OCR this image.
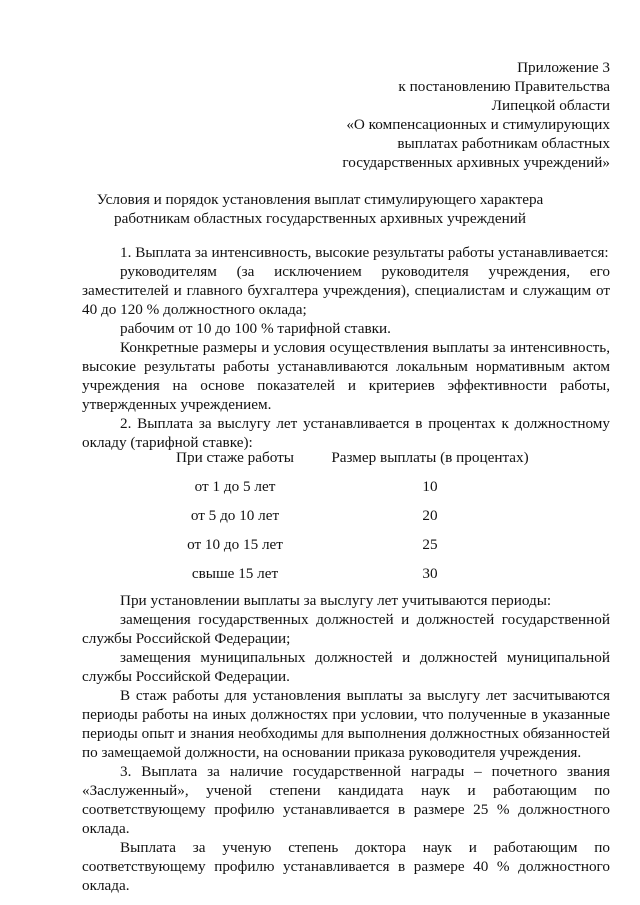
Приложение 3
к постановлению Правительства
Липецкой области
«О компенсационных и стимулирующих
выплатах работникам областных
государственных архивных учреждений»
Условия и порядок установления выплат стимулирующего характера
работникам областных государственных архивных учреждений

1. Выплата за интенсивность, высокие результаты работы устанавливается:

руководителям (за исключением руководителя учреждения, его заместителей и главного бухгалтера учреждения), специалистам и служащим от 40 до 120 % должностного оклада;

рабочим от 10 до 100 % тарифной ставки.

Конкретные размеры и условия осуществления выплаты за интенсивность, высокие результаты работы устанавливаются локальным нормативным актом учреждения на основе показателей и критериев эффективности работы, утвержденных учреждением.

2. Выплата за выслугу лет устанавливается в процентах к должностному окладу (тарифной ставке):

При стаже работы	Размер выплаты (в процентах)
от 1 до 5 лет	10
от 5 до 10 лет	20
от 10 до 15 лет	25
свыше 15 лет	30

При установлении выплаты за выслугу лет учитываются периоды:

замещения государственных должностей и должностей государственной службы Российской Федерации;

замещения муниципальных должностей и должностей муниципальной службы Российской Федерации.

В стаж работы для установления выплаты за выслугу лет засчитываются периоды работы на иных должностях при условии, что полученные в указанные периоды опыт и знания необходимы для выполнения должностных обязанностей по замещаемой должности, на основании приказа руководителя учреждения.

3. Выплата за наличие государственной награды – почетного звания «Заслуженный», ученой степени кандидата наук и работающим по соответствующему профилю устанавливается в размере 25 % должностного оклада.

Выплата за ученую степень доктора наук и работающим по соответствующему профилю устанавливается в размере 40 % должностного оклада.
